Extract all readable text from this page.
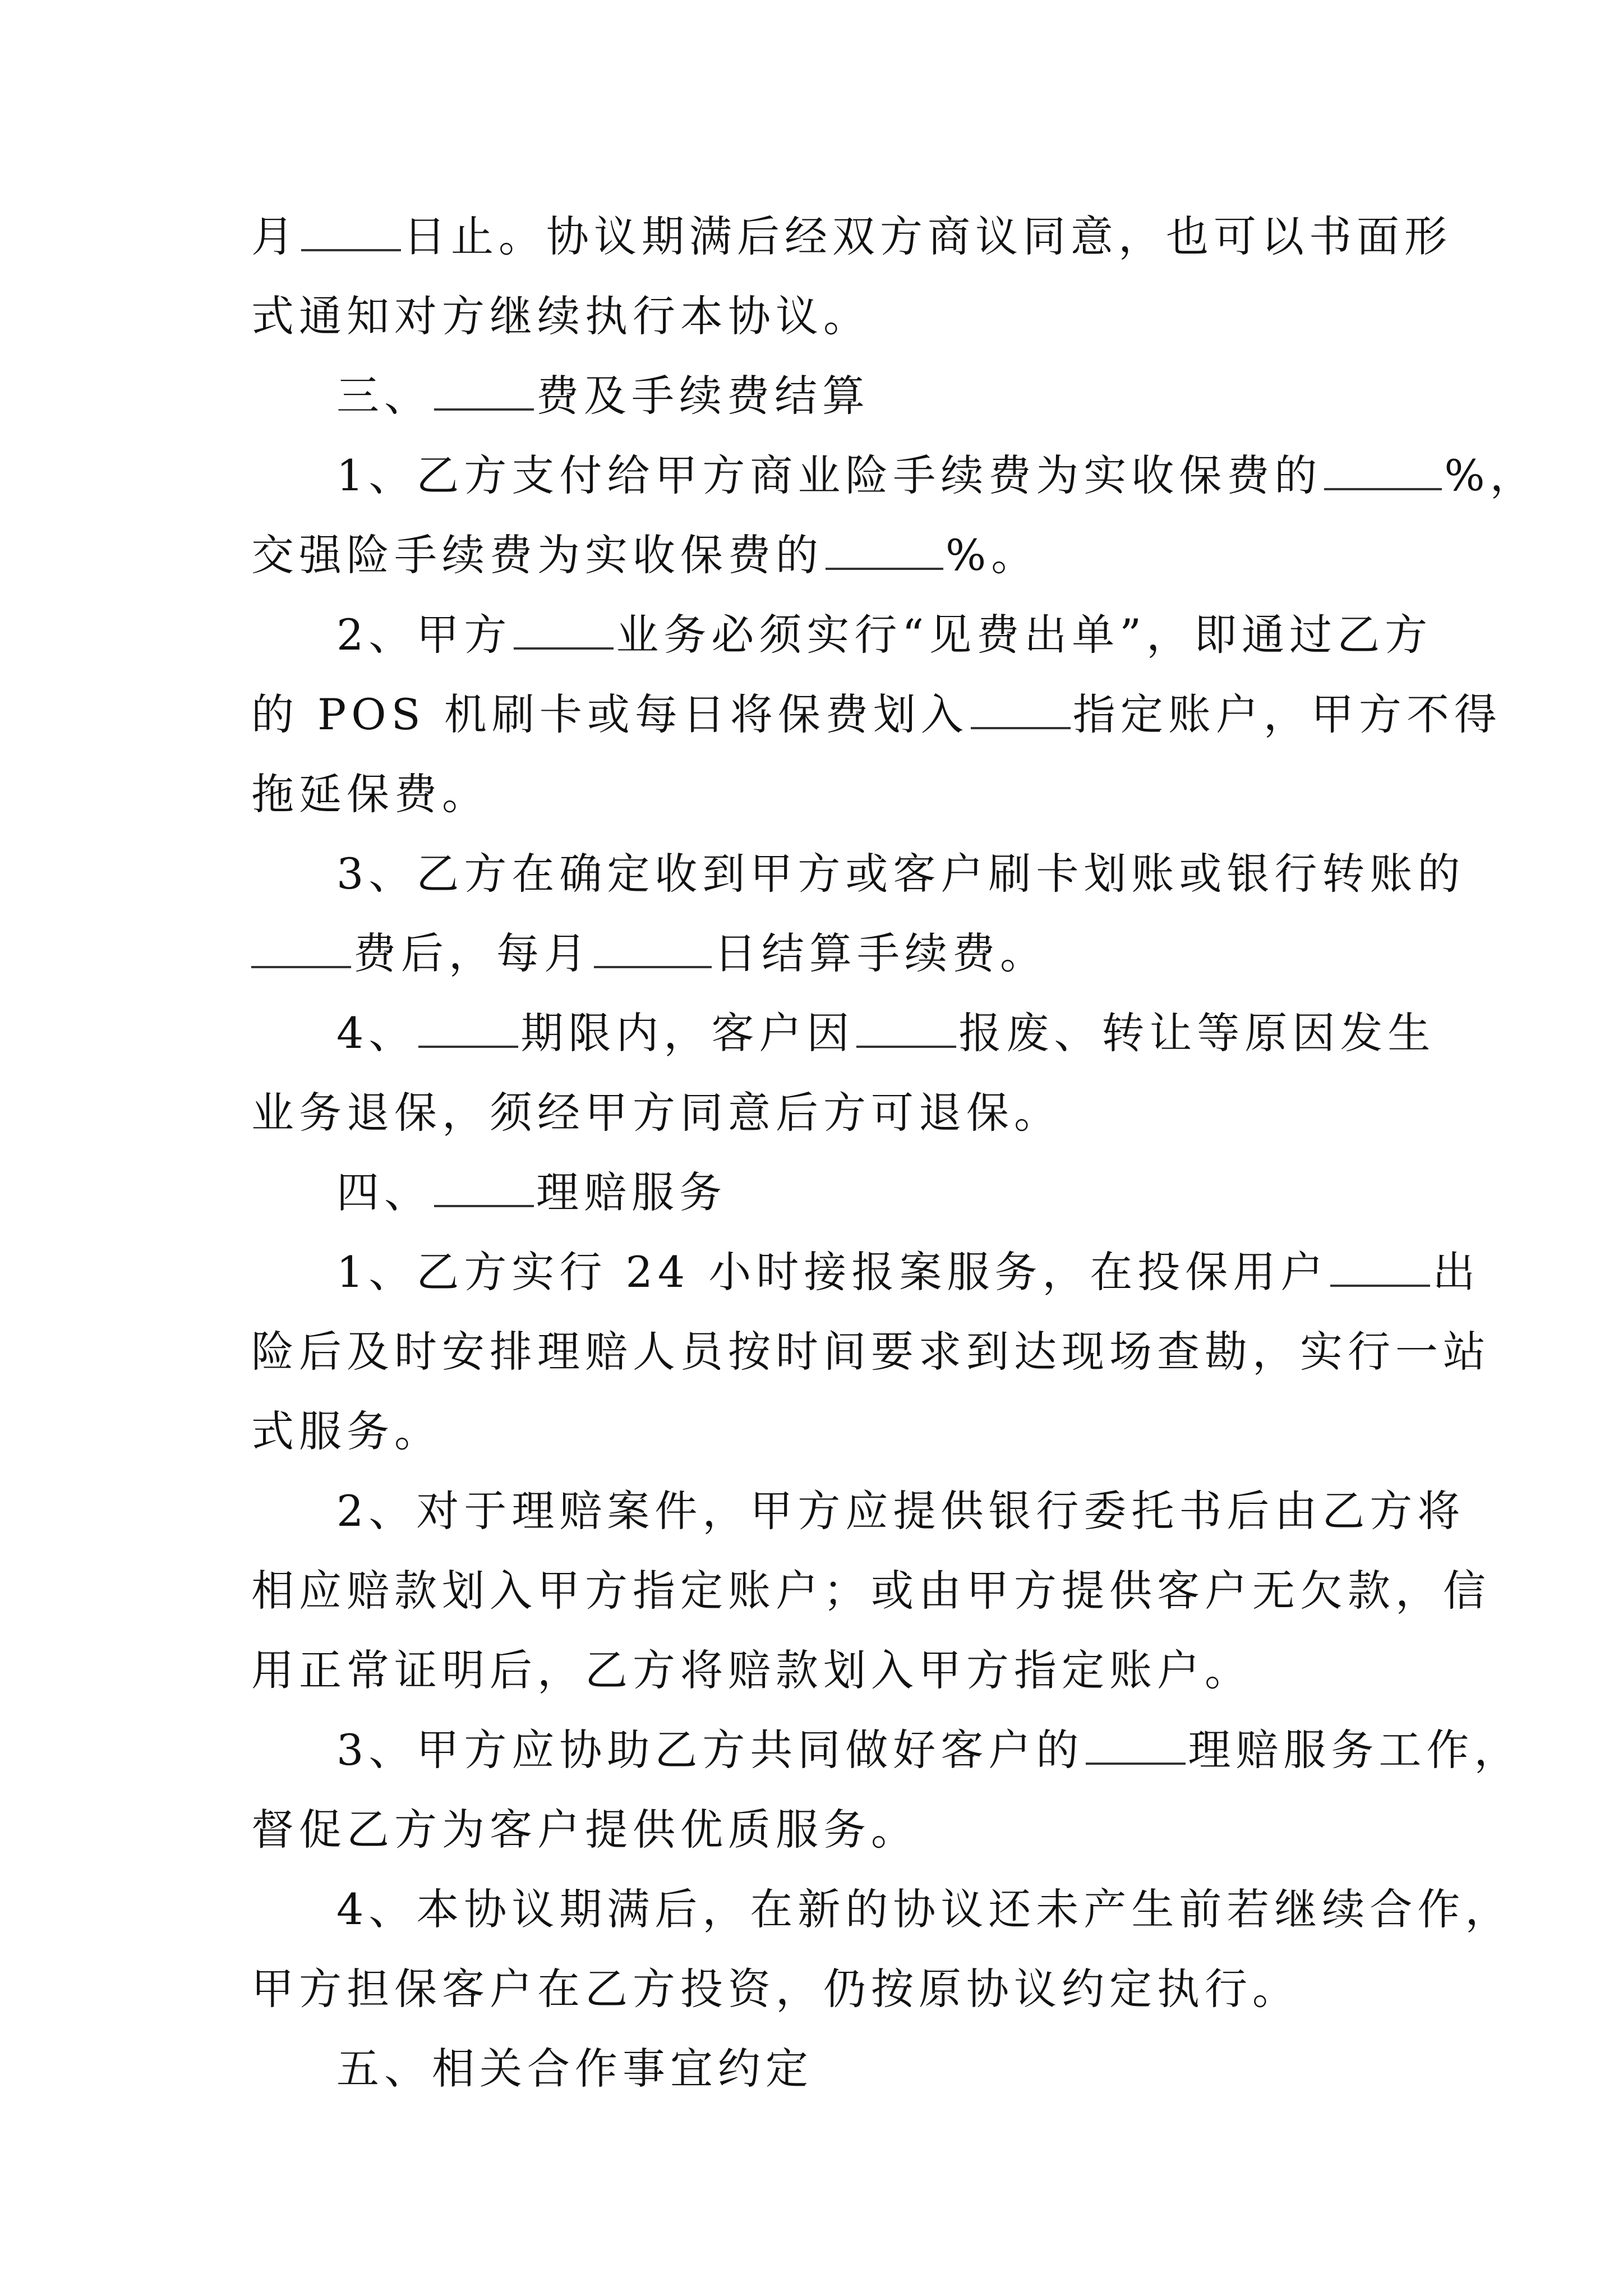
月 日止。协议期满后经双方商议同意，也可以书面形
式通知对方继续执行本协议。
三、 费及手续费结算
1、乙方支付给甲方商业险手续费为实收保费的	%，
交强险手续费为实收保费的	%。
2、甲方 业务必须实行“见费出单”，即通过乙方
的 POS 机刷卡或每日将保费划入 指定账户，甲方不得
拖延保费。
3、乙方在确定收到甲方或客户刷卡划账或银行转账的
费后，每月	日结算手续费。
4、 期限内，客户因 报废、转让等原因发生
业务退保，须经甲方同意后方可退保。
四、 理赔服务
1、乙方实行 24 小时接报案服务，在投保用户 出
险后及时安排理赔人员按时间要求到达现场查勘，实行一站
式服务。
2、对于理赔案件，甲方应提供银行委托书后由乙方将
相应赔款划入甲方指定账户；或由甲方提供客户无欠款，信
用正常证明后，乙方将赔款划入甲方指定账户。
3、甲方应协助乙方共同做好客户的 理赔服务工作，
督促乙方为客户提供优质服务。
4、本协议期满后，在新的协议还未产生前若继续合作，
甲方担保客户在乙方投资，仍按原协议约定执行。
五、相关合作事宜约定
